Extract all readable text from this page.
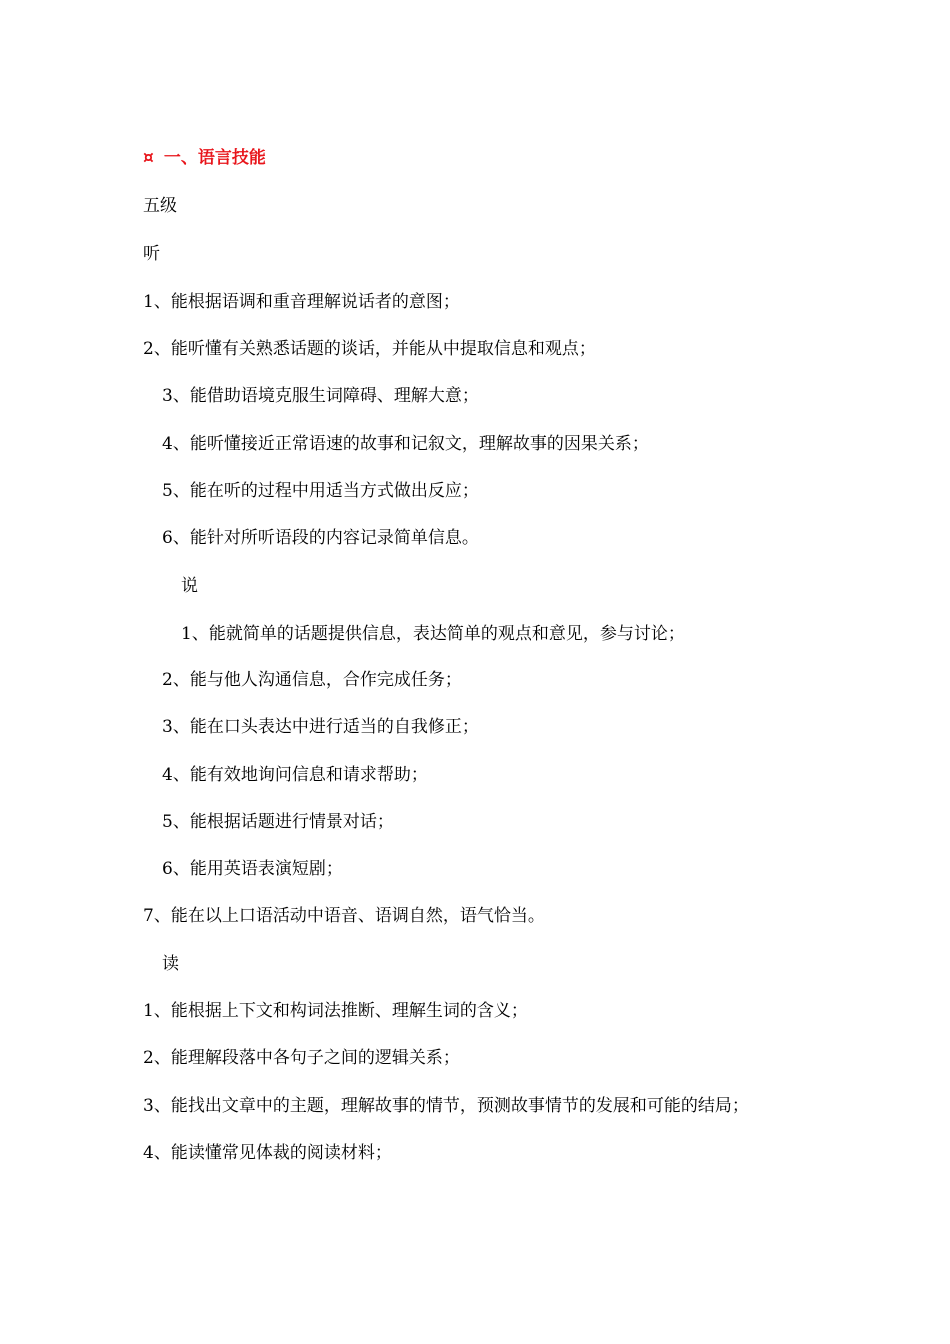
¤ 一、语言技能
五级
听
1、能根据语调和重音理解说话者的意图；
2、能听懂有关熟悉话题的谈话，并能从中提取信息和观点；
3、能借助语境克服生词障碍、理解大意；
4、能听懂接近正常语速的故事和记叙文，理解故事的因果关系；
5、能在听的过程中用适当方式做出反应；
6、能针对所听语段的内容记录简单信息。
说
1、能就简单的话题提供信息，表达简单的观点和意见，参与讨论；
2、能与他人沟通信息，合作完成任务；
3、能在口头表达中进行适当的自我修正；
4、能有效地询问信息和请求帮助；
5、能根据话题进行情景对话；
6、能用英语表演短剧；
7、能在以上口语活动中语音、语调自然，语气恰当。
读
1、能根据上下文和构词法推断、理解生词的含义；
2、能理解段落中各句子之间的逻辑关系；
3、能找出文章中的主题，理解故事的情节，预测故事情节的发展和可能的结局；
4、能读懂常见体裁的阅读材料；
